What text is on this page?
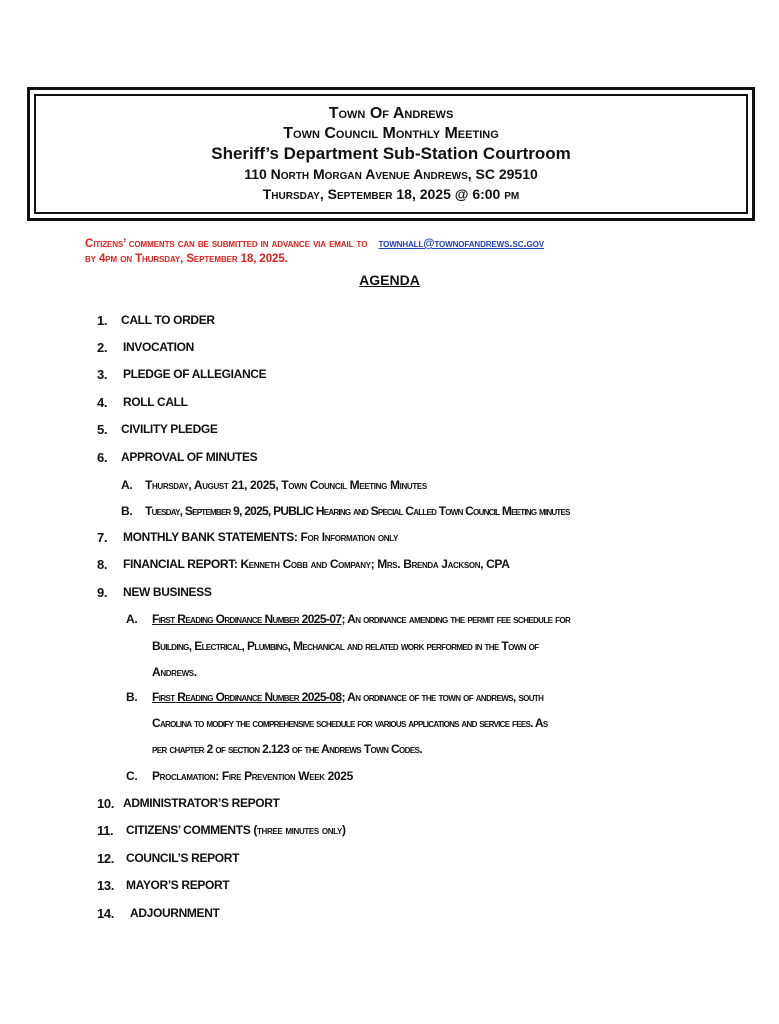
Town Of Andrews
Town Council Monthly Meeting
Sheriff’s Department Sub-Station Courtroom
110 North Morgan Avenue Andrews, SC 29510
Thursday, September 18, 2025 @ 6:00 pm
Citizens’ comments can be submitted in advance via email to townhall@townofandrews.sc.gov
by 4pm on Thursday, September 18, 2025.
AGENDA
1. CALL TO ORDER
2. INVOCATION
3. PLEDGE OF ALLEGIANCE
4. ROLL CALL
5. CIVILITY PLEDGE
6. APPROVAL OF MINUTES
A. Thursday, August 21, 2025, Town Council Meeting Minutes
B. Tuesday, September 9, 2025, PUBLIC Hearing and Special Called Town Council Meeting minutes
7. MONTHLY BANK STATEMENTS: For Information only
8. FINANCIAL REPORT: Kenneth Cobb and Company; Mrs. Brenda Jackson, CPA
9. NEW BUSINESS
A. First Reading Ordinance Number 2025-07; An ordinance amending the permit fee schedule for
Building, Electrical, Plumbing, Mechanical and related work performed in the Town of
Andrews.
B. First Reading Ordinance Number 2025-08; An ordinance of the town of andrews, south
Carolina to modify the comprehensive schedule for various applications and service fees. As
per chapter 2 of section 2.123 of the Andrews Town Codes.
C. Proclamation: Fire Prevention Week 2025
10. ADMINISTRATOR’S REPORT
11. CITIZENS’ COMMENTS (three minutes only)
12. COUNCIL’S REPORT
13. MAYOR’S REPORT
14. ADJOURNMENT
